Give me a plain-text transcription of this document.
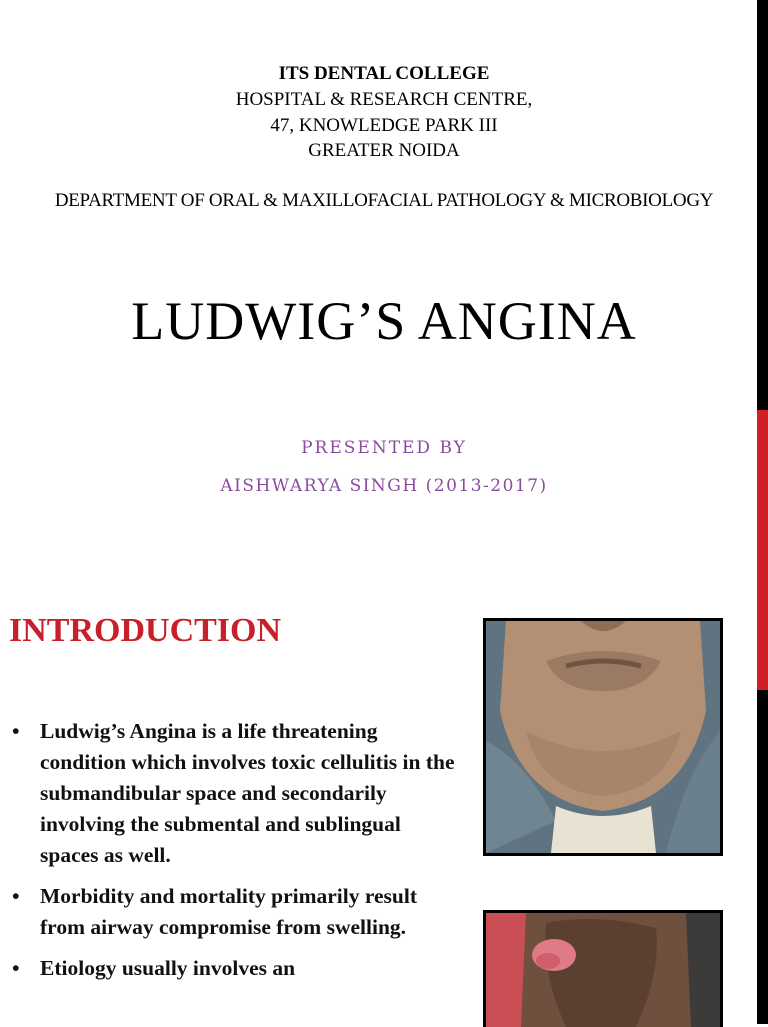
ITS DENTAL COLLEGE
HOSPITAL & RESEARCH CENTRE,
47, KNOWLEDGE PARK III
GREATER NOIDA
DEPARTMENT OF ORAL & MAXILLOFACIAL PATHOLOGY & MICROBIOLOGY
LUDWIG’S ANGINA
PRESENTED BY
AISHWARYA SINGH (2013-2017)
INTRODUCTION
• Ludwig’s Angina is a life threatening condition which involves toxic cellulitis in the submandibular space and secondarily involving the submental and sublingual spaces as well.
• Morbidity and mortality primarily result from airway compromise from swelling.
• Etiology usually involves an
